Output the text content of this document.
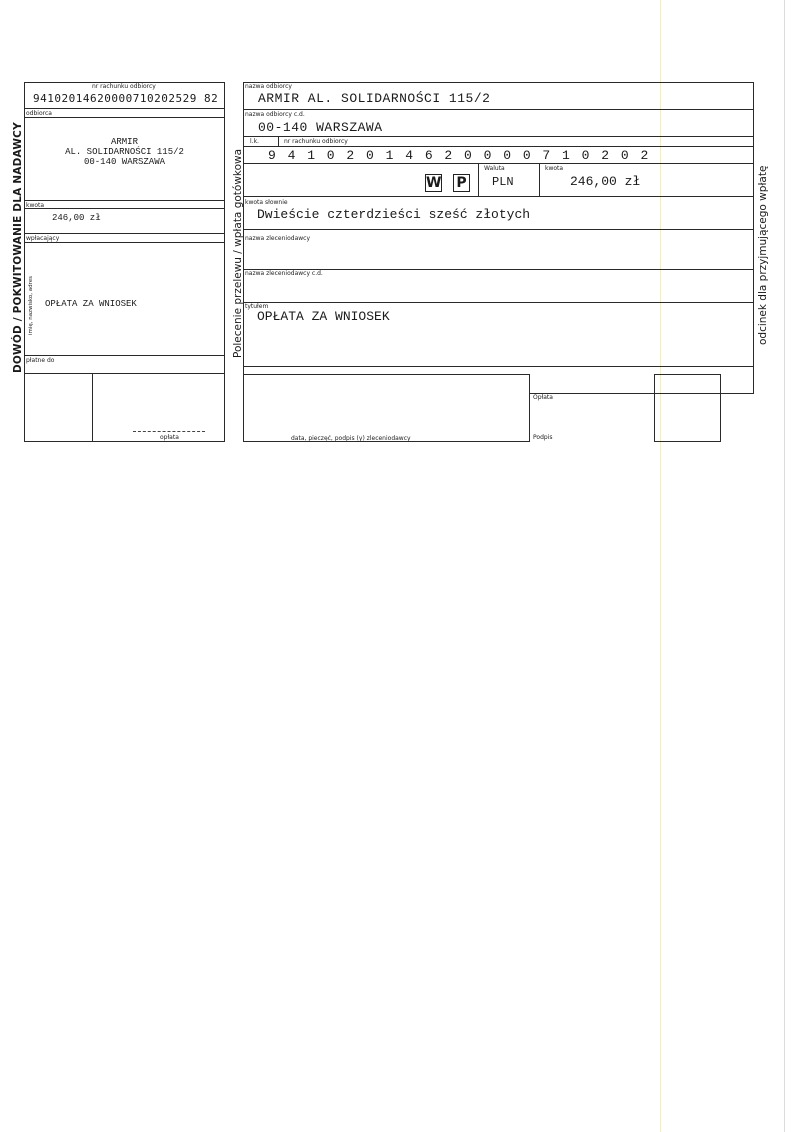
DOWÓD / POKWITOWANIE DLA NADAWCY
nr rachunku odbiorcy
94102014620000710202529 82
odbiorca
ARMIR
AL. SOLIDARNOŚCI 115/2
00-140 WARSZAWA
kwota
246,00 zł
wpłacający
imię, nazwisko, adres OPŁATA ZA WNIOSEK
płatne do
opłata
Polecenie przelewu / wpłata gotówkowa	odcinek dla przyjmującego wpłatę
nazwa odbiorcy
ARMIR AL. SOLIDARNOŚCI 115/2
nazwa odbiorcy c.d.
00-140 WARSZAWA
l.k.	nr rachunku odbiorcy
9 4 1 0 2 0 1 4 6 2 0 0 0 0 7 1 0 2 0 2
W P
Waluta
PLN
kwota
246,00 zł
kwota słownie
Dwieście czterdzieści sześć złotych
nazwa zleceniodawcy
nazwa zleceniodawcy c.d.
tytułem
OPŁATA ZA WNIOSEK
data, pieczęć, podpis (y) zleceniodawcy
Opłata
Podpis
